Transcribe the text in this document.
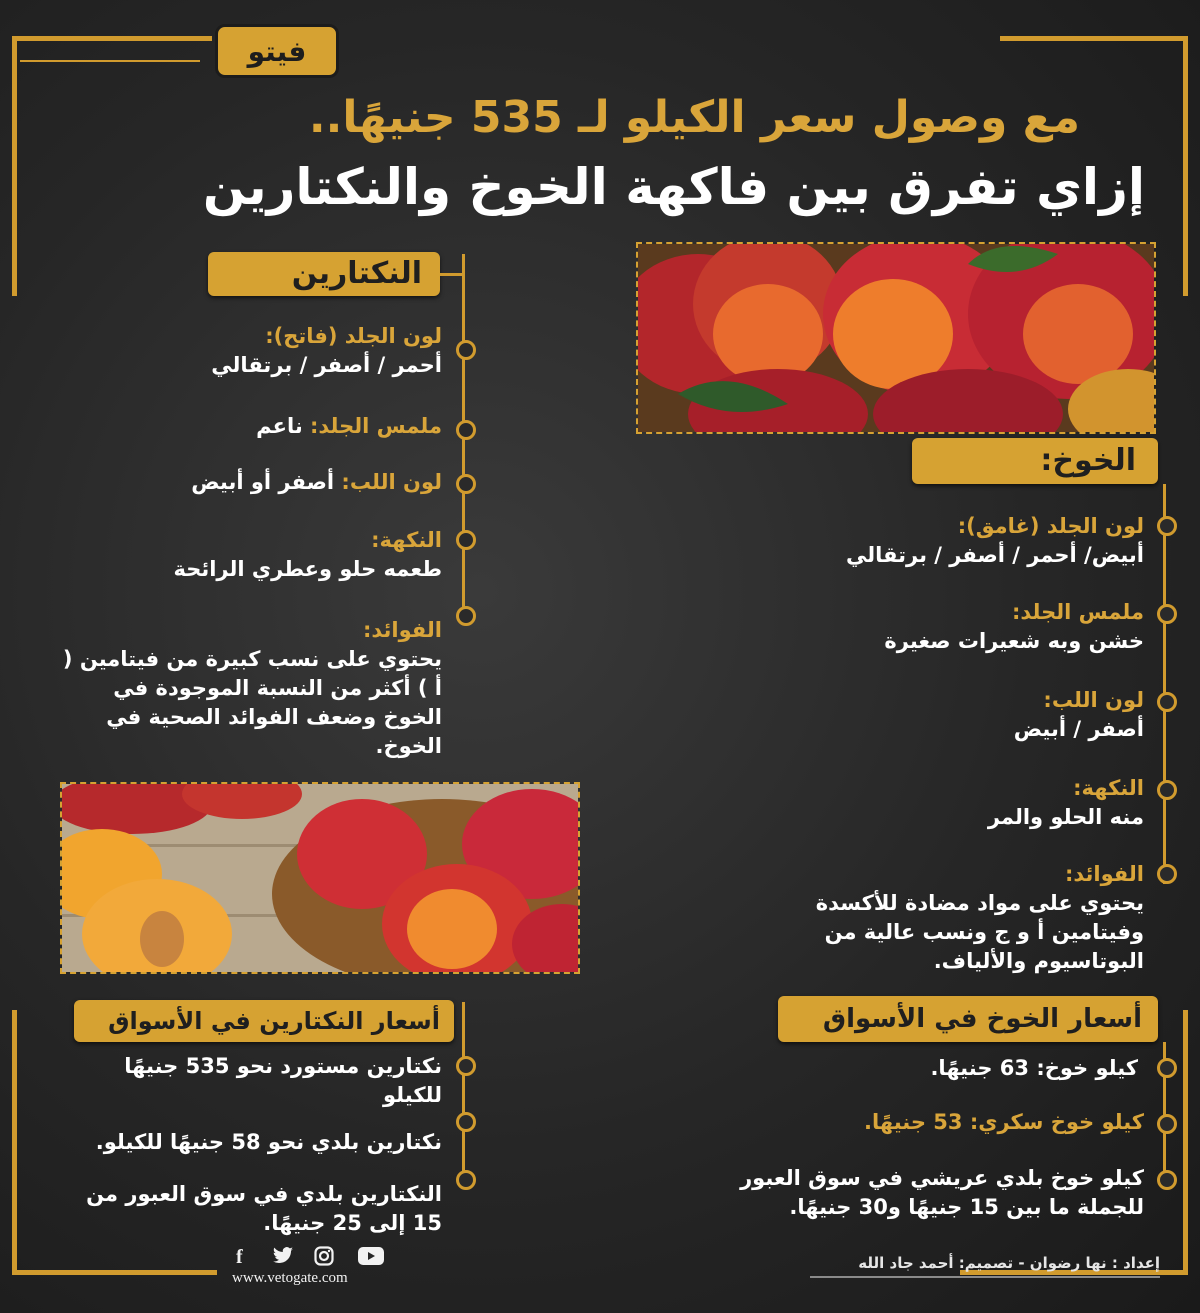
فيتو
مع وصول سعر الكيلو لـ 535 جنيهًا..
إزاي تفرق بين فاكهة الخوخ والنكتارين
النكتارين
لون الجلد (فاتح):
أحمر / أصفر / برتقالي
ملمس الجلد: ناعم
لون اللب: أصفر أو أبيض
النكهة:
طعمه حلو وعطري الرائحة
الفوائد:
يحتوي على نسب كبيرة من فيتامين ( أ ) أكثر من النسبة الموجودة في الخوخ وضعف الفوائد الصحية في الخوخ.
أسعار النكتارين في الأسواق
نكتارين مستورد نحو 535 جنيهًا للكيلو
نكتارين بلدي نحو 58 جنيهًا للكيلو.
النكتارين بلدي في سوق العبور من 15 إلى 25 جنيهًا.
الخوخ:
لون الجلد (غامق):
أبيض/ أحمر / أصفر / برتقالي
ملمس الجلد:
خشن وبه شعيرات صغيرة
لون اللب:
أصفر / أبيض
النكهة:
منه الحلو والمر
الفوائد:
يحتوي على مواد مضادة للأكسدة وفيتامين أ و ج ونسب عالية من البوتاسيوم والألياف.
أسعار الخوخ في الأسواق
كيلو خوخ: 63 جنيهًا.
كيلو خوخ سكري: 53 جنيهًا.
كيلو خوخ بلدي عريشي في سوق العبور للجملة ما بين 15 جنيهًا و30 جنيهًا.
إعداد : نها رضوان - تصميم: أحمد جاد الله
f
www.vetogate.com
